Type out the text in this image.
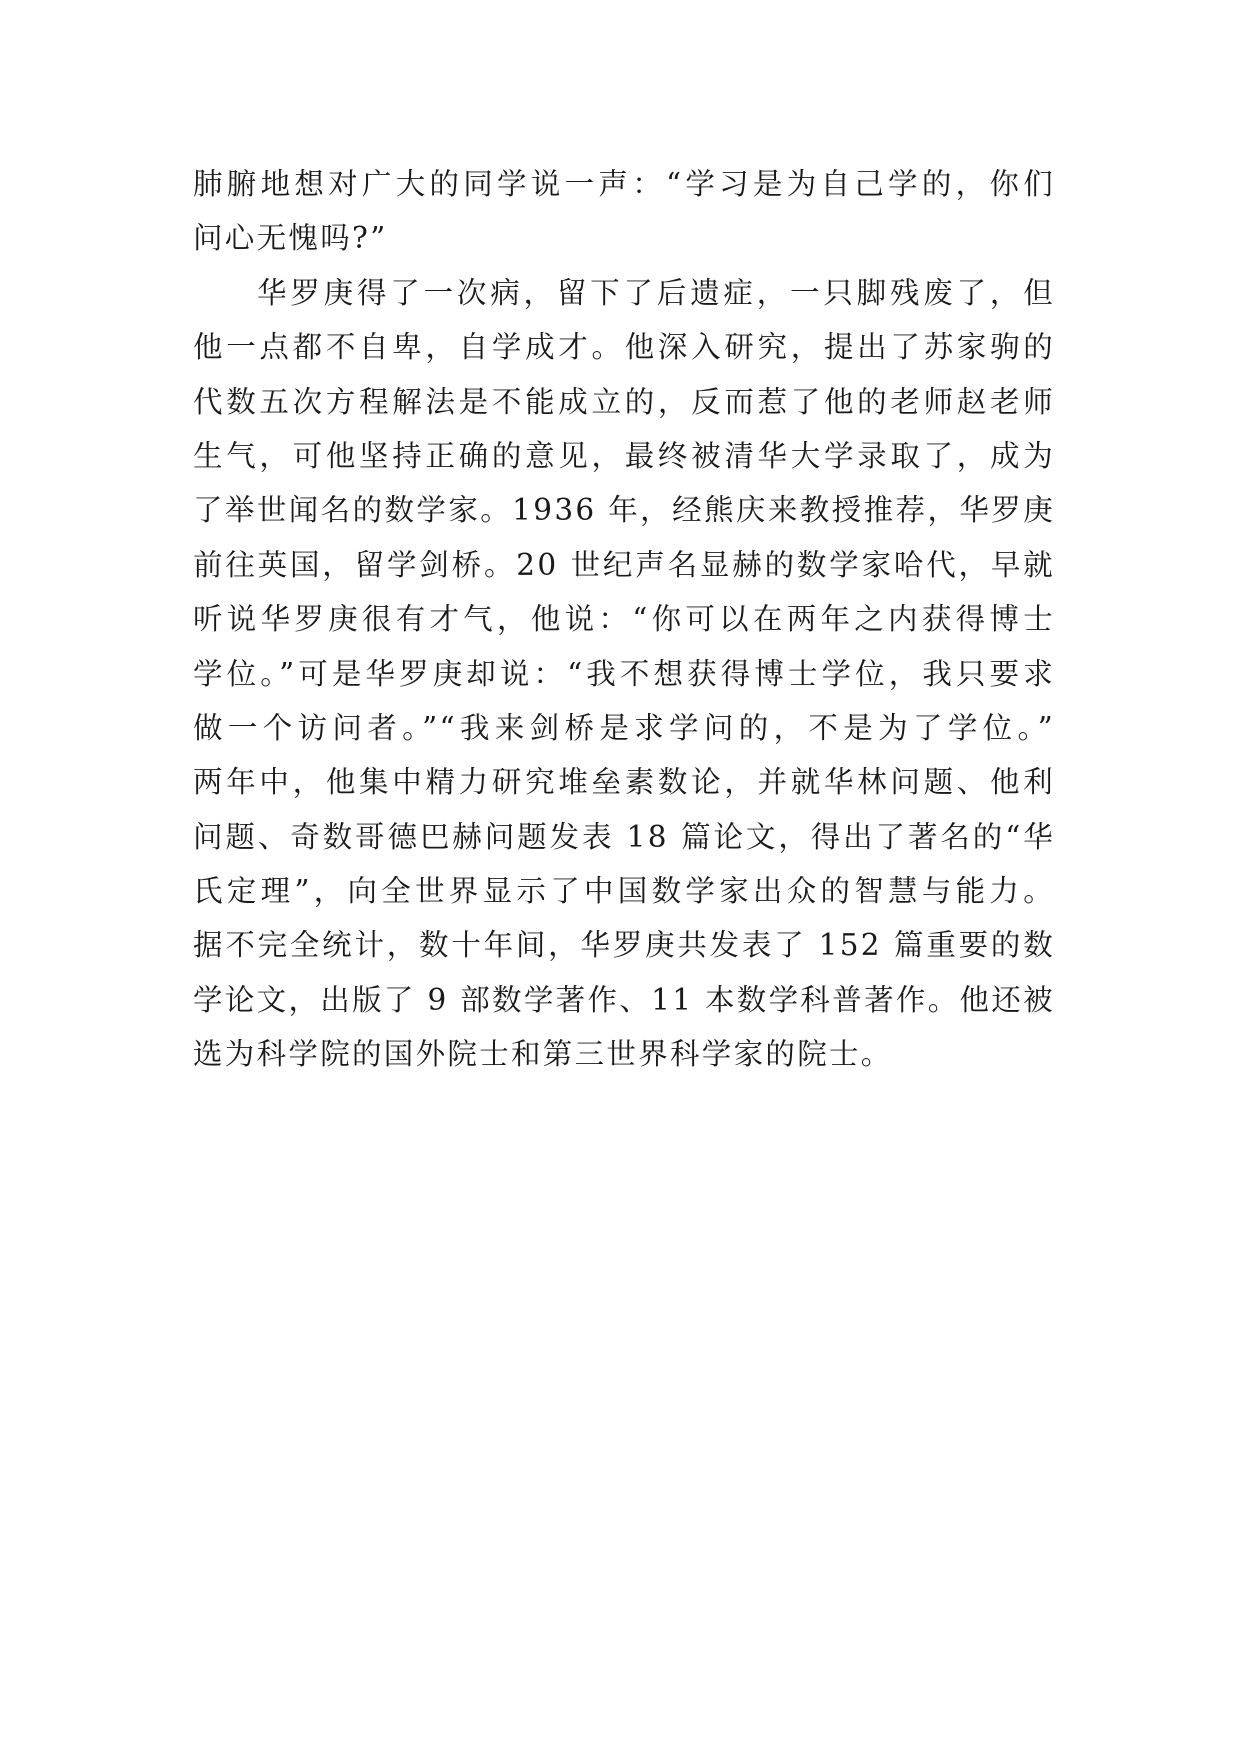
肺腑地想对广大的同学说一声：“学习是为自己学的，你们
问心无愧吗?”
华罗庚得了一次病，留下了后遗症，一只脚残废了，但
他一点都不自卑，自学成才。他深入研究，提出了苏家驹的
代数五次方程解法是不能成立的，反而惹了他的老师赵老师
生气，可他坚持正确的意见，最终被清华大学录取了，成为
了举世闻名的数学家。1936 年，经熊庆来教授推荐，华罗庚
前往英国，留学剑桥。20 世纪声名显赫的数学家哈代，早就
听说华罗庚很有才气，他说：“你可以在两年之内获得博士
学位。”可是华罗庚却说：“我不想获得博士学位，我只要求
做一个访问者。”“我来剑桥是求学问的，不是为了学位。”
两年中，他集中精力研究堆垒素数论，并就华林问题、他利
问题、奇数哥德巴赫问题发表 18 篇论文，得出了著名的“华
氏定理”，向全世界显示了中国数学家出众的智慧与能力。
据不完全统计，数十年间，华罗庚共发表了 152 篇重要的数
学论文，出版了 9 部数学著作、11 本数学科普著作。他还被
选为科学院的国外院士和第三世界科学家的院士。
